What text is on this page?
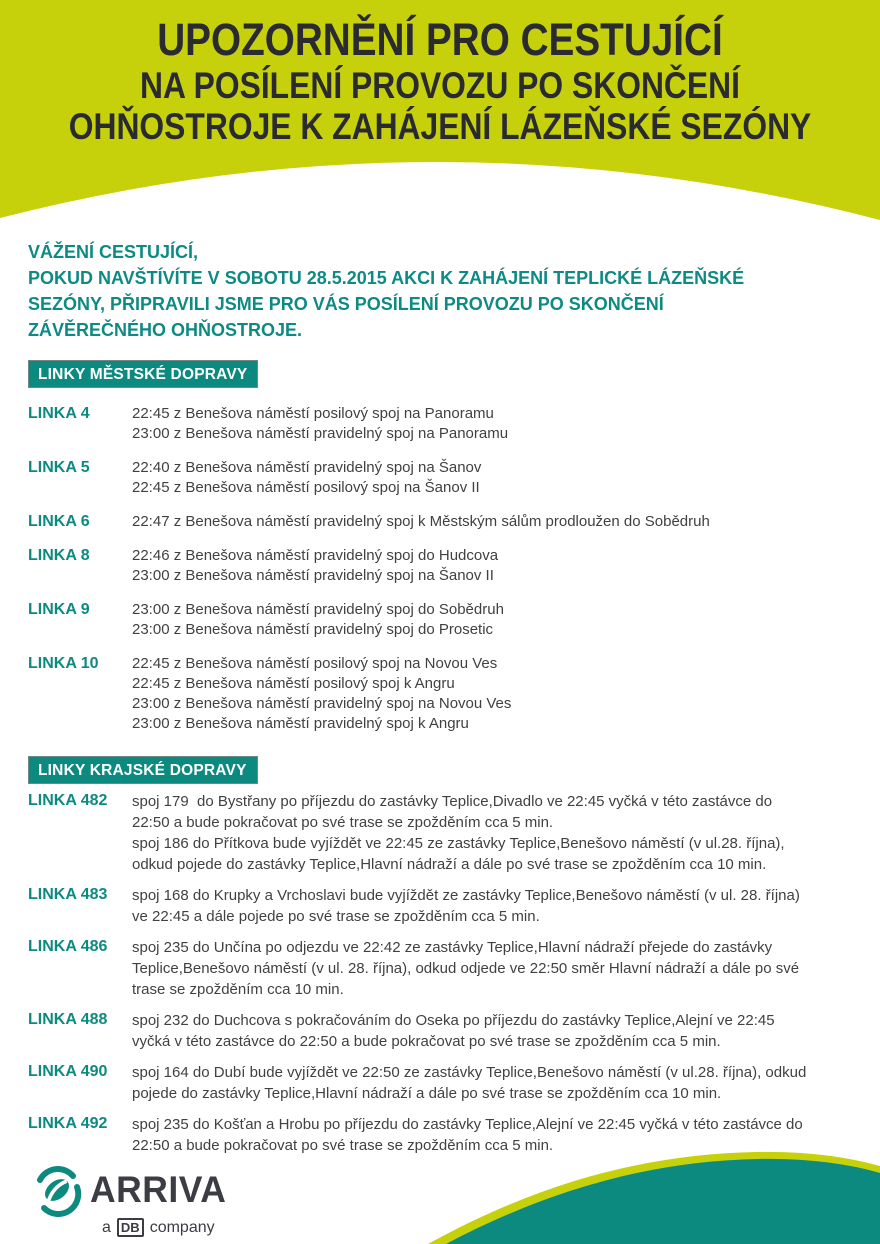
UPOZORNĚNÍ PRO CESTUJÍCÍ
NA POSÍLENÍ PROVOZU PO SKONČENÍ
OHŇOSTROJE K ZAHÁJENÍ LÁZEŇSKÉ SEZÓNY
VÁŽENÍ CESTUJÍCÍ,
POKUD NAVŠTÍVÍTE V SOBOTU 28.5.2015 AKCI K ZAHÁJENÍ TEPLICKÉ LÁZEŇSKÉ
SEZÓNY, PŘIPRAVILI JSME PRO VÁS POSÍLENÍ PROVOZU PO SKONČENÍ
ZÁVĚREČNÉHO OHŇOSTROJE.
LINKY MĚSTSKÉ DOPRAVY
LINKA 4	22:45 z Benešova náměstí posilový spoj na Panoramu
23:00 z Benešova náměstí pravidelný spoj na Panoramu
LINKA 5	22:40 z Benešova náměstí pravidelný spoj na Šanov
22:45 z Benešova náměstí posilový spoj na Šanov II
LINKA 6	22:47 z Benešova náměstí pravidelný spoj k Městským sálům prodloužen do Sobědruh
LINKA 8	22:46 z Benešova náměstí pravidelný spoj do Hudcova
23:00 z Benešova náměstí pravidelný spoj na Šanov II
LINKA 9	23:00 z Benešova náměstí pravidelný spoj do Sobědruh
23:00 z Benešova náměstí pravidelný spoj do Prosetic
LINKA 10	22:45 z Benešova náměstí posilový spoj na Novou Ves
22:45 z Benešova náměstí posilový spoj k Angru
23:00 z Benešova náměstí pravidelný spoj na Novou Ves
23:00 z Benešova náměstí pravidelný spoj k Angru
LINKY KRAJSKÉ DOPRAVY
LINKA 482	spoj 179  do Bystřany po příjezdu do zastávky Teplice,Divadlo ve 22:45 vyčká v této zastávce do
22:50 a bude pokračovat po své trase se zpožděním cca 5 min.
spoj 186 do Přítkova bude vyjíždět ve 22:45 ze zastávky Teplice,Benešovo náměstí (v ul.28. října),
odkud pojede do zastávky Teplice,Hlavní nádraží a dále po své trase se zpožděním cca 10 min.
LINKA 483	spoj 168 do Krupky a Vrchoslavi bude vyjíždět ze zastávky Teplice,Benešovo náměstí (v ul. 28. října)
ve 22:45 a dále pojede po své trase se zpožděním cca 5 min.
LINKA 486	spoj 235 do Unčína po odjezdu ve 22:42 ze zastávky Teplice,Hlavní nádraží přejede do zastávky
Teplice,Benešovo náměstí (v ul. 28. října), odkud odjede ve 22:50 směr Hlavní nádraží a dále po své
trase se zpožděním cca 10 min.
LINKA 488	spoj 232 do Duchcova s pokračováním do Oseka po příjezdu do zastávky Teplice,Alejní ve 22:45
vyčká v této zastávce do 22:50 a bude pokračovat po své trase se zpožděním cca 5 min.
LINKA 490	spoj 164 do Dubí bude vyjíždět ve 22:50 ze zastávky Teplice,Benešovo náměstí (v ul.28. října), odkud
pojede do zastávky Teplice,Hlavní nádraží a dále po své trase se zpožděním cca 10 min.
LINKA 492	spoj 235 do Košťan a Hrobu po příjezdu do zastávky Teplice,Alejní ve 22:45 vyčká v této zastávce do
22:50 a bude pokračovat po své trase se zpožděním cca 5 min.
ARRIVA
a DB company
